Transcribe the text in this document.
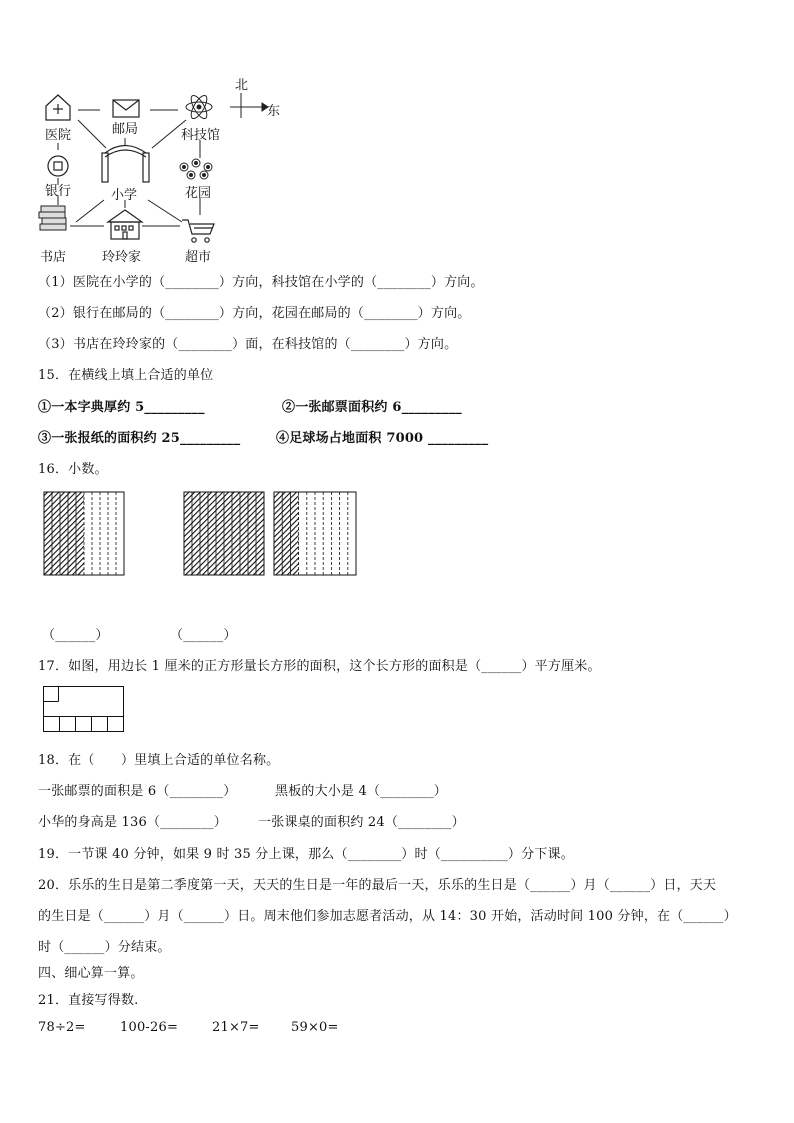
北
东
医院	邮局	科技馆
银行	小学	花园
书店	玲玲家	超市
（1）医院在小学的（________）方向，科技馆在小学的（________）方向。
（2）银行在邮局的（________）方向，花园在邮局的（________）方向。
（3）书店在玲玲家的（________）面，在科技馆的（________）方向。
15．在横线上填上合适的单位
①一本字典厚约 5_________	②一张邮票面积约 6_________
③一张报纸的面积约 25_________	④足球场占地面积 7000 _________
16．小数。
（______）	（______）
17．如图，用边长 1 厘米的正方形量长方形的面积，这个长方形的面积是（______）平方厘米。
18．在（　　）里填上合适的单位名称。
一张邮票的面积是 6（________）	黑板的大小是 4（________）
小华的身高是 136（________） 一张课桌的面积约 24（________）
19．一节课 40 分钟，如果 9 时 35 分上课，那么（________）时（__________）分下课。
20．乐乐的生日是第二季度第一天，天天的生日是一年的最后一天，乐乐的生日是（______）月（______）日，天天
的生日是（______）月（______）日。周末他们参加志愿者活动，从 14：30 开始，活动时间 100 分钟，在（______）
时（______）分结束。
四、细心算一算。
21．直接写得数.
78÷2=	100-26=	21×7= 59×0=
